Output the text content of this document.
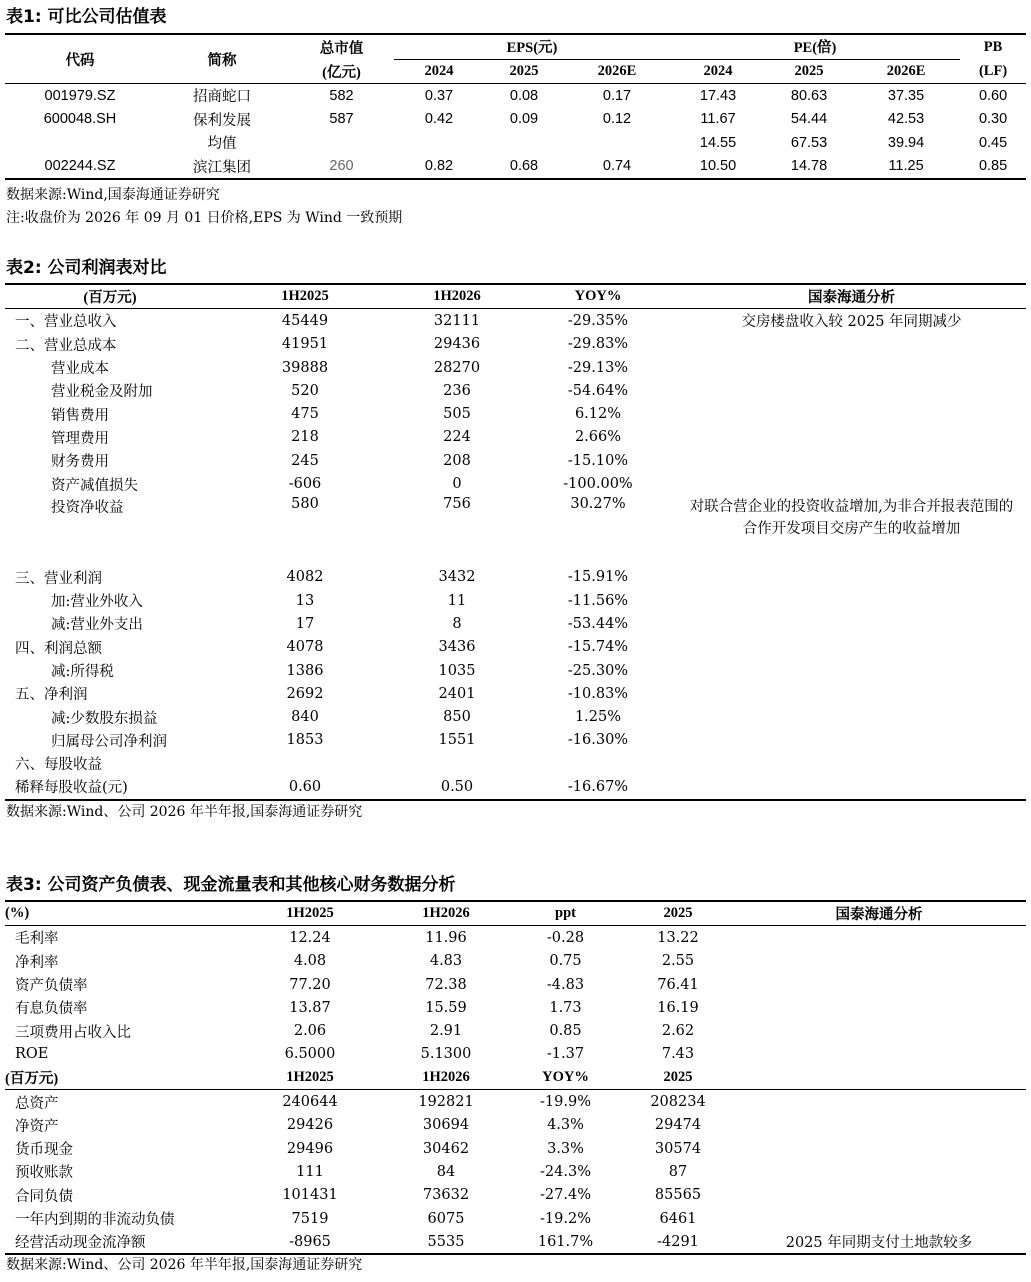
表1: 可比公司估值表
代码	简称	总市值	EPS(元)			PE(倍)			PB
		(亿元)	2024	2025	2026E	2024	2025	2026E	(LF)
001979.SZ	招商蛇口	582	0.37	0.08	0.17	17.43	80.63	37.35	0.60
600048.SH	保利发展	587	0.42	0.09	0.12	11.67	54.44	42.53	0.30
	均值					14.55	67.53	39.94	0.45
002244.SZ	滨江集团	260	0.82	0.68	0.74	10.50	14.78	11.25	0.85
数据来源:Wind,国泰海通证券研究
注:收盘价为 2026 年 09 月 01 日价格,EPS 为 Wind 一致预期
表2: 公司利润表对比
(百万元)	1H2025	1H2026	YOY%	国泰海通分析
一、营业总收入	45449	32111	-29.35%	交房楼盘收入较 2025 年同期减少
二、营业总成本	41951	29436	-29.83%	
营业成本	39888	28270	-29.13%	
营业税金及附加	520	236	-54.64%	
销售费用	475	505	6.12%	
管理费用	218	224	2.66%	
财务费用	245	208	-15.10%	
资产减值损失	-606	0	-100.00%	
投资净收益	580	756	30.27%	对联合营企业的投资收益增加,为非合并报表范围的合作开发项目交房产生的收益增加
三、营业利润	4082	3432	-15.91%	
加:营业外收入	13	11	-11.56%	
减:营业外支出	17	8	-53.44%	
四、利润总额	4078	3436	-15.74%	
减:所得税	1386	1035	-25.30%	
五、净利润	2692	2401	-10.83%	
减:少数股东损益	840	850	1.25%	
归属母公司净利润	1853	1551	-16.30%	
六、每股收益				
稀释每股收益(元)	0.60	0.50	-16.67%	
数据来源:Wind、公司 2026 年半年报,国泰海通证券研究
表3: 公司资产负债表、现金流量表和其他核心财务数据分析
(%)	1H2025	1H2026	ppt	2025	国泰海通分析
毛利率	12.24	11.96	-0.28	13.22	
净利率	4.08	4.83	0.75	2.55	
资产负债率	77.20	72.38	-4.83	76.41	
有息负债率	13.87	15.59	1.73	16.19	
三项费用占收入比	2.06	2.91	0.85	2.62	
ROE	6.5000	5.1300	-1.37	7.43	
(百万元)	1H2025	1H2026	YOY%	2025	
总资产	240644	192821	-19.9%	208234	
净资产	29426	30694	4.3%	29474	
货币现金	29496	30462	3.3%	30574	
预收账款	111	84	-24.3%	87	
合同负债	101431	73632	-27.4%	85565	
一年内到期的非流动负债	7519	6075	-19.2%	6461	
经营活动现金流净额	-8965	5535	161.7%	-4291	2025 年同期支付土地款较多
数据来源:Wind、公司 2026 年半年报,国泰海通证券研究
